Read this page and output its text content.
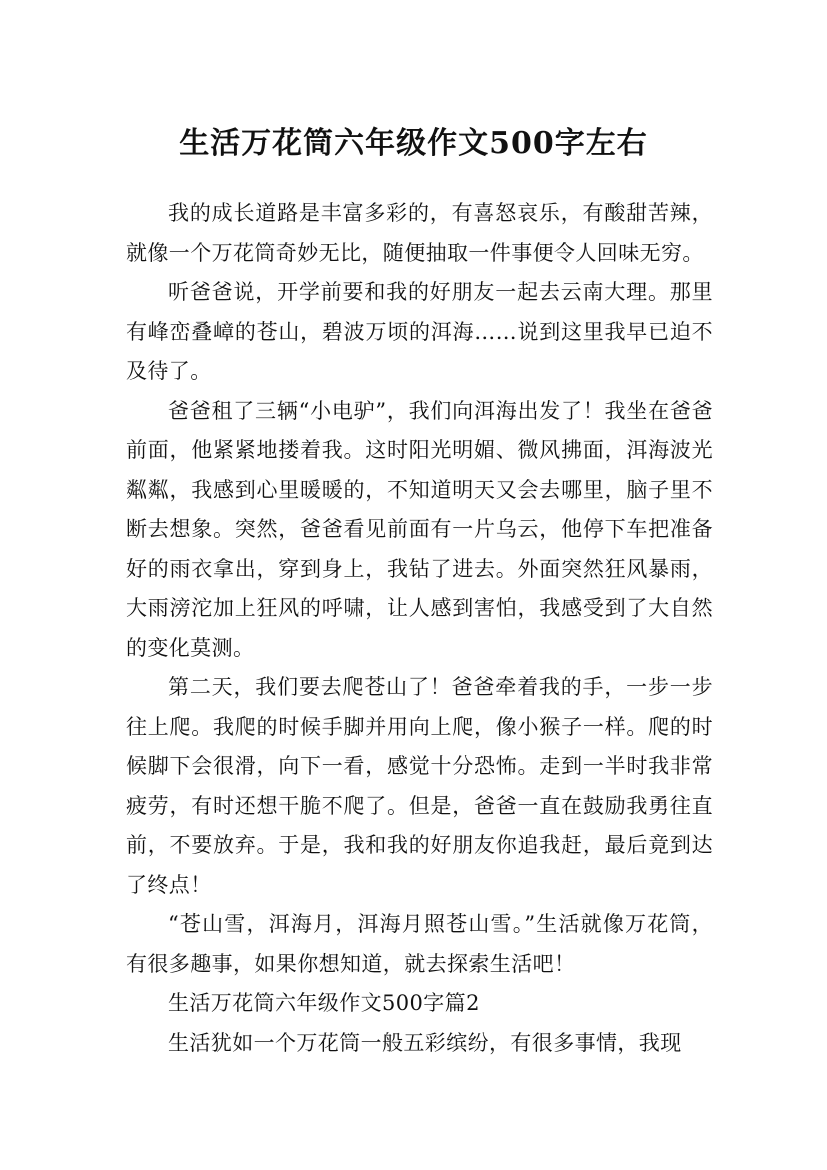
生活万花筒六年级作文500字左右

我的成长道路是丰富多彩的，有喜怒哀乐，有酸甜苦辣，就像一个万花筒奇妙无比，随便抽取一件事便令人回味无穷。

听爸爸说，开学前要和我的好朋友一起去云南大理。那里有峰峦叠嶂的苍山，碧波万顷的洱海……说到这里我早已迫不及待了。

爸爸租了三辆“小电驴”，我们向洱海出发了！我坐在爸爸前面，他紧紧地搂着我。这时阳光明媚、微风拂面，洱海波光粼粼，我感到心里暖暖的，不知道明天又会去哪里，脑子里不断去想象。突然，爸爸看见前面有一片乌云，他停下车把准备好的雨衣拿出，穿到身上，我钻了进去。外面突然狂风暴雨，大雨滂沱加上狂风的呼啸，让人感到害怕，我感受到了大自然的变化莫测。

第二天，我们要去爬苍山了！爸爸牵着我的手，一步一步往上爬。我爬的时候手脚并用向上爬，像小猴子一样。爬的时候脚下会很滑，向下一看，感觉十分恐怖。走到一半时我非常疲劳，有时还想干脆不爬了。但是，爸爸一直在鼓励我勇往直前，不要放弃。于是，我和我的好朋友你追我赶，最后竟到达了终点！

“苍山雪，洱海月，洱海月照苍山雪。”生活就像万花筒，有很多趣事，如果你想知道，就去探索生活吧！

生活万花筒六年级作文500字篇2

生活犹如一个万花筒一般五彩缤纷，有很多事情，我现
